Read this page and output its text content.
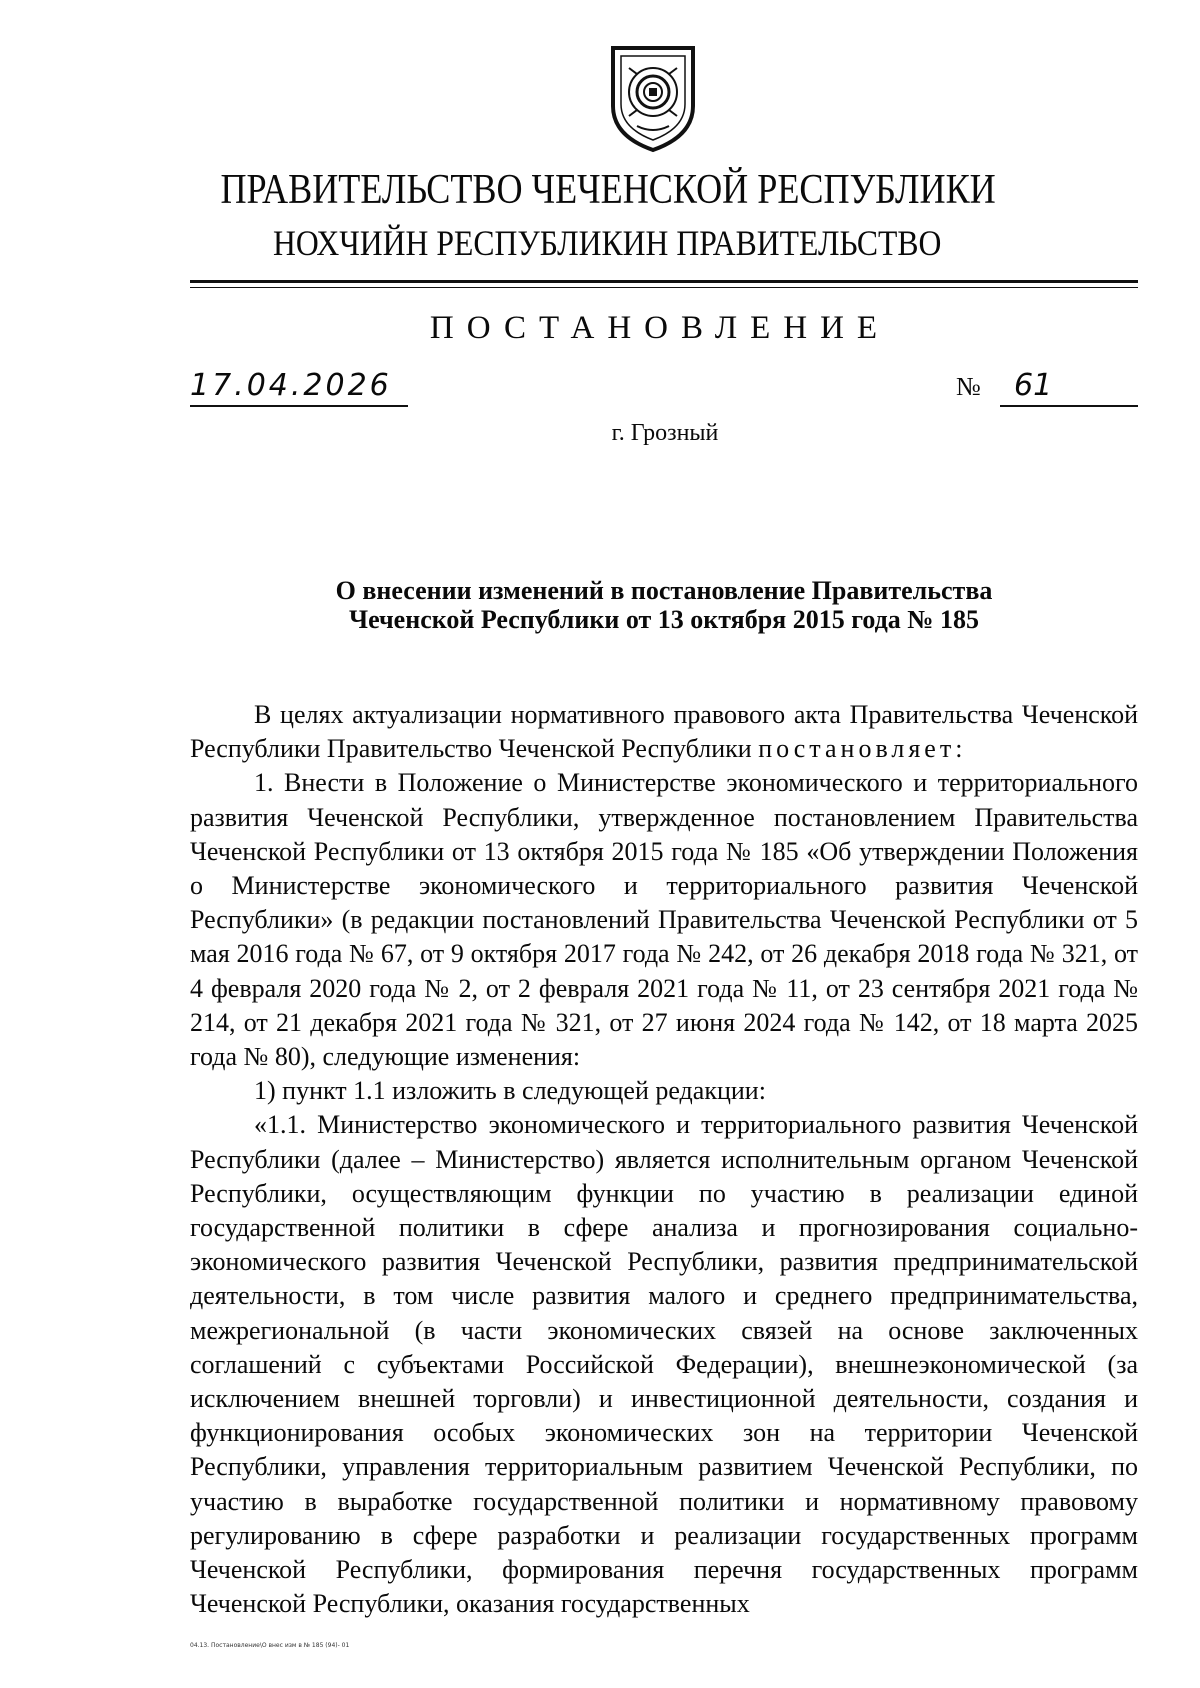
ПРАВИТЕЛЬСТВО ЧЕЧЕНСКОЙ РЕСПУБЛИКИ
НОХЧИЙН РЕСПУБЛИКИН ПРАВИТЕЛЬСТВО
ПОСТАНОВЛЕНИЕ
17.04.2026	№	61
г. Грозный
О внесении изменений в постановление Правительства
Чеченской Республики от 13 октября 2015 года № 185

В целях актуализации нормативного правового акта Правительства Чеченской Республики Правительство Чеченской Республики постановляет:

1. Внести в Положение о Министерстве экономического и территориального развития Чеченской Республики, утвержденное постановлением Правительства Чеченской Республики от 13 октября 2015 года № 185 «Об утверждении Положения о Министерстве экономического и территориального развития Чеченской Республики» (в редакции постановлений Правительства Чеченской Республики от 5 мая 2016 года № 67, от 9 октября 2017 года № 242, от 26 декабря 2018 года № 321, от 4 февраля 2020 года № 2, от 2 февраля 2021 года № 11, от 23 сентября 2021 года № 214, от 21 декабря 2021 года № 321, от 27 июня 2024 года № 142, от 18 марта 2025 года № 80), следующие изменения:

1) пункт 1.1 изложить в следующей редакции:

«1.1. Министерство экономического и территориального развития Чеченской Республики (далее – Министерство) является исполнительным органом Чеченской Республики, осуществляющим функции по участию в реализации единой государственной политики в сфере анализа и прогнозирования социально-экономического развития Чеченской Республики, развития предпринимательской деятельности, в том числе развития малого и среднего предпринимательства, межрегиональной (в части экономических связей на основе заключенных соглашений с субъектами Российской Федерации), внешнеэкономической (за исключением внешней торговли) и инвестиционной деятельности, создания и функционирования особых экономических зон на территории Чеченской Республики, управления территориальным развитием Чеченской Республики, по участию в выработке государственной политики и нормативному правовому регулированию в сфере разработки и реализации государственных программ Чеченской Республики, формирования перечня государственных программ Чеченской Республики, оказания государственных

04.13. Постановление\О внес изм в № 185 (94)- 01
